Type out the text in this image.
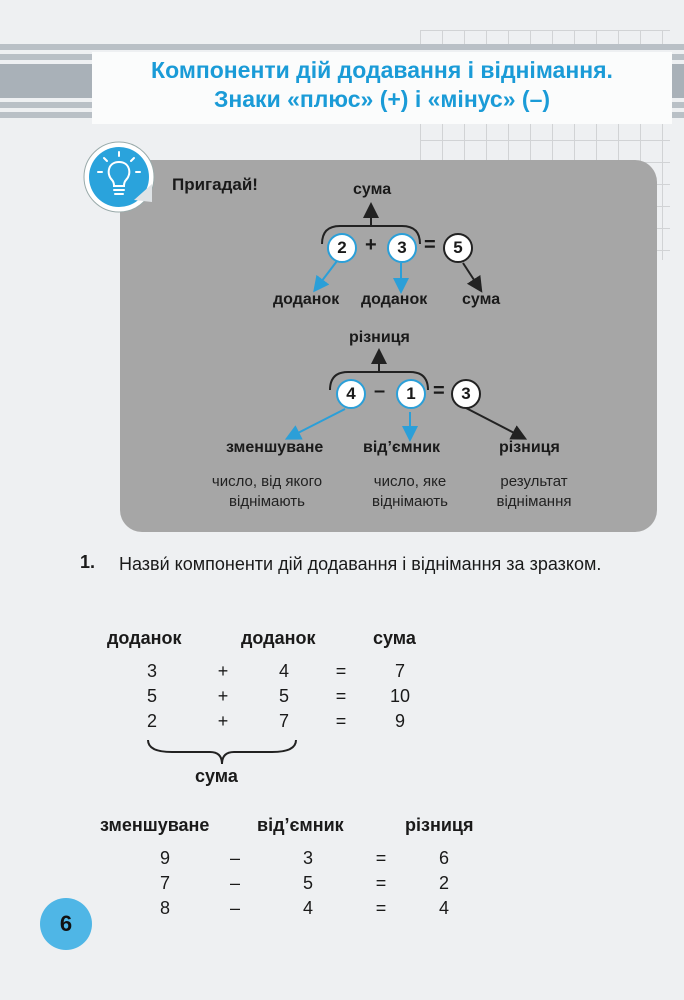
Компоненти дій додавання і віднімання.
Знаки «плюс» (+) і «мінус» (–)
Пригадай!	сума
2 +	3 =	5
доданок доданок сума
різниця
4 –	1 = 3
зменшуване від’ємник	різниця
число, від якого віднімають
число, яке віднімають
результат віднімання
1. Назви́ компоненти дій додавання і віднімання за зразком.
доданок	доданок	сума
3	+	4	=	7
5	+	5	=	10
2	+	7	=	9
сума
зменшуване	від’ємник	різниця
9	–	3	=	6
7	–	5	=	2
8	–	4	=	4
6
